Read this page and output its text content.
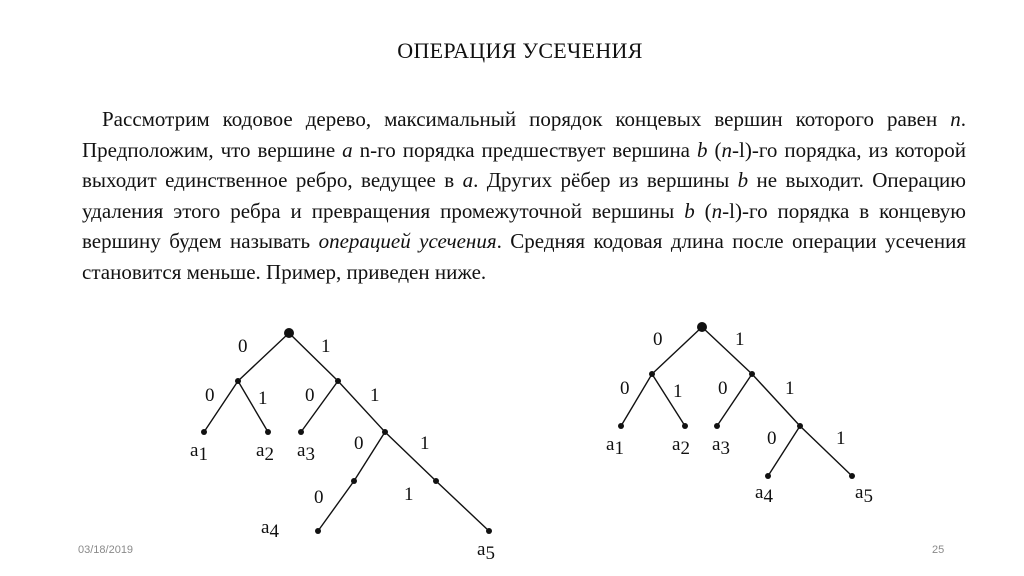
ОПЕРАЦИЯ УСЕЧЕНИЯ
Рассмотрим кодовое дерево, максимальный порядок концевых вершин которого равен n. Предположим, что вершине а n-го порядка предшествует вершина b (n-l)-го порядка, из которой выходит единственное ребро, ведущее в а. Других рёбер из вершины b не выходит. Операцию удаления этого ребра и превращения промежуточной вершины b (n-l)-го порядка в концевую вершину будем называть операцией усечения. Средняя кодовая длина после операции усечения становится меньше. Пример, приведен ниже.
0	1
0 1 0	1
0	1
0	1
a1	a2 a3
a4
a5
0	1
0 1 0	1
0	1
a1	a2 a3
a4	a5
03/18/2019	25
